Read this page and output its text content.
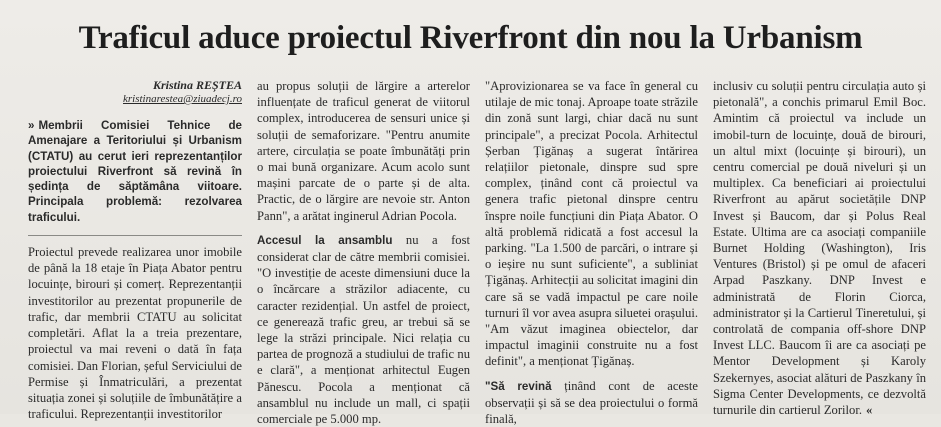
Traficul aduce proiectul Riverfront din nou la Urbanism

Kristina REȘTEA

kristinarestea@ziuadecj.ro

» Membrii Comisiei Tehnice de Amenajare a Teritoriului și Urbanism (CTATU) au cerut ieri reprezentanților proiectului Riverfront să revină în ședința de săptămâna viitoare. Principala problemă: rezolvarea traficului.

Proiectul prevede realizarea unor imobile de până la 18 etaje în Piața Abator pentru locuințe, birouri și comerț. Reprezentanții investitorilor au prezentat propunerile de trafic, dar membrii CTATU au solicitat completări. Aflat la a treia prezentare, proiectul va mai reveni o dată în fața comisiei. Dan Florian, șeful Serviciului de Permise și Înmatriculări, a prezentat situația zonei și soluțiile de îmbunătățire a traficului. Reprezentanții investitorilor

au propus soluții de lărgire a arterelor influențate de traficul generat de viitorul complex, introducerea de sensuri unice și soluții de semaforizare. "Pentru anumite artere, circulația se poate îmbunătăți prin o mai bună organizare. Acum acolo sunt mașini parcate de o parte și de alta. Practic, de o lărgire are nevoie str. Anton Pann", a arătat inginerul Adrian Pocola.

Accesul la ansamblu nu a fost considerat clar de către membrii comisiei. "O investiție de aceste dimensiuni duce la o încărcare a străzilor adiacente, cu caracter rezidențial. Un astfel de proiect, ce generează trafic greu, ar trebui să se lege la străzi principale. Nici relația cu partea de prognoză a studiului de trafic nu e clară", a menționat arhitectul Eugen Pănescu. Pocola a menționat că ansamblul nu include un mall, ci spații comerciale pe 5.000 mp.

"Aprovizionarea se va face în general cu utilaje de mic tonaj. Aproape toate străzile din zonă sunt largi, chiar dacă nu sunt principale", a precizat Pocola. Arhitectul Șerban Țigănaș a sugerat întărirea relațiilor pietonale, dinspre sud spre complex, ținând cont că proiectul va genera trafic pietonal dinspre centru înspre noile funcțiuni din Piața Abator. O altă problemă ridicată a fost accesul la parking. "La 1.500 de parcări, o intrare și o ieșire nu sunt suficiente", a subliniat Țigănaș. Arhitecții au solicitat imagini din care să se vadă impactul pe care noile turnuri îl vor avea asupra siluetei orașului. "Am văzut imaginea obiectelor, dar impactul imaginii construite nu a fost definit", a menționat Țigănaș.

"Să revină ținând cont de aceste observații și să se dea proiectului o formă finală,

inclusiv cu soluții pentru circulația auto și pietonală", a conchis primarul Emil Boc. Amintim că proiectul va include un imobil-turn de locuințe, două de birouri, un altul mixt (locuințe și birouri), un centru comercial pe două niveluri și un multiplex. Ca beneficiari ai proiectului Riverfront au apărut societățile DNP Invest și Baucom, dar și Polus Real Estate. Ultima are ca asociați companiile Burnet Holding (Washington), Iris Ventures (Bristol) și pe omul de afaceri Arpad Paszkany. DNP Invest e administrată de Florin Ciorca, administrator și la Cartierul Tineretului, și controlată de compania off-shore DNP Invest LLC. Baucom îi are ca asociați pe Mentor Development și Karoly Szekernyes, asociat alături de Paszkany în Sigma Center Developments, ce dezvoltă turnurile din cartierul Zorilor. «
